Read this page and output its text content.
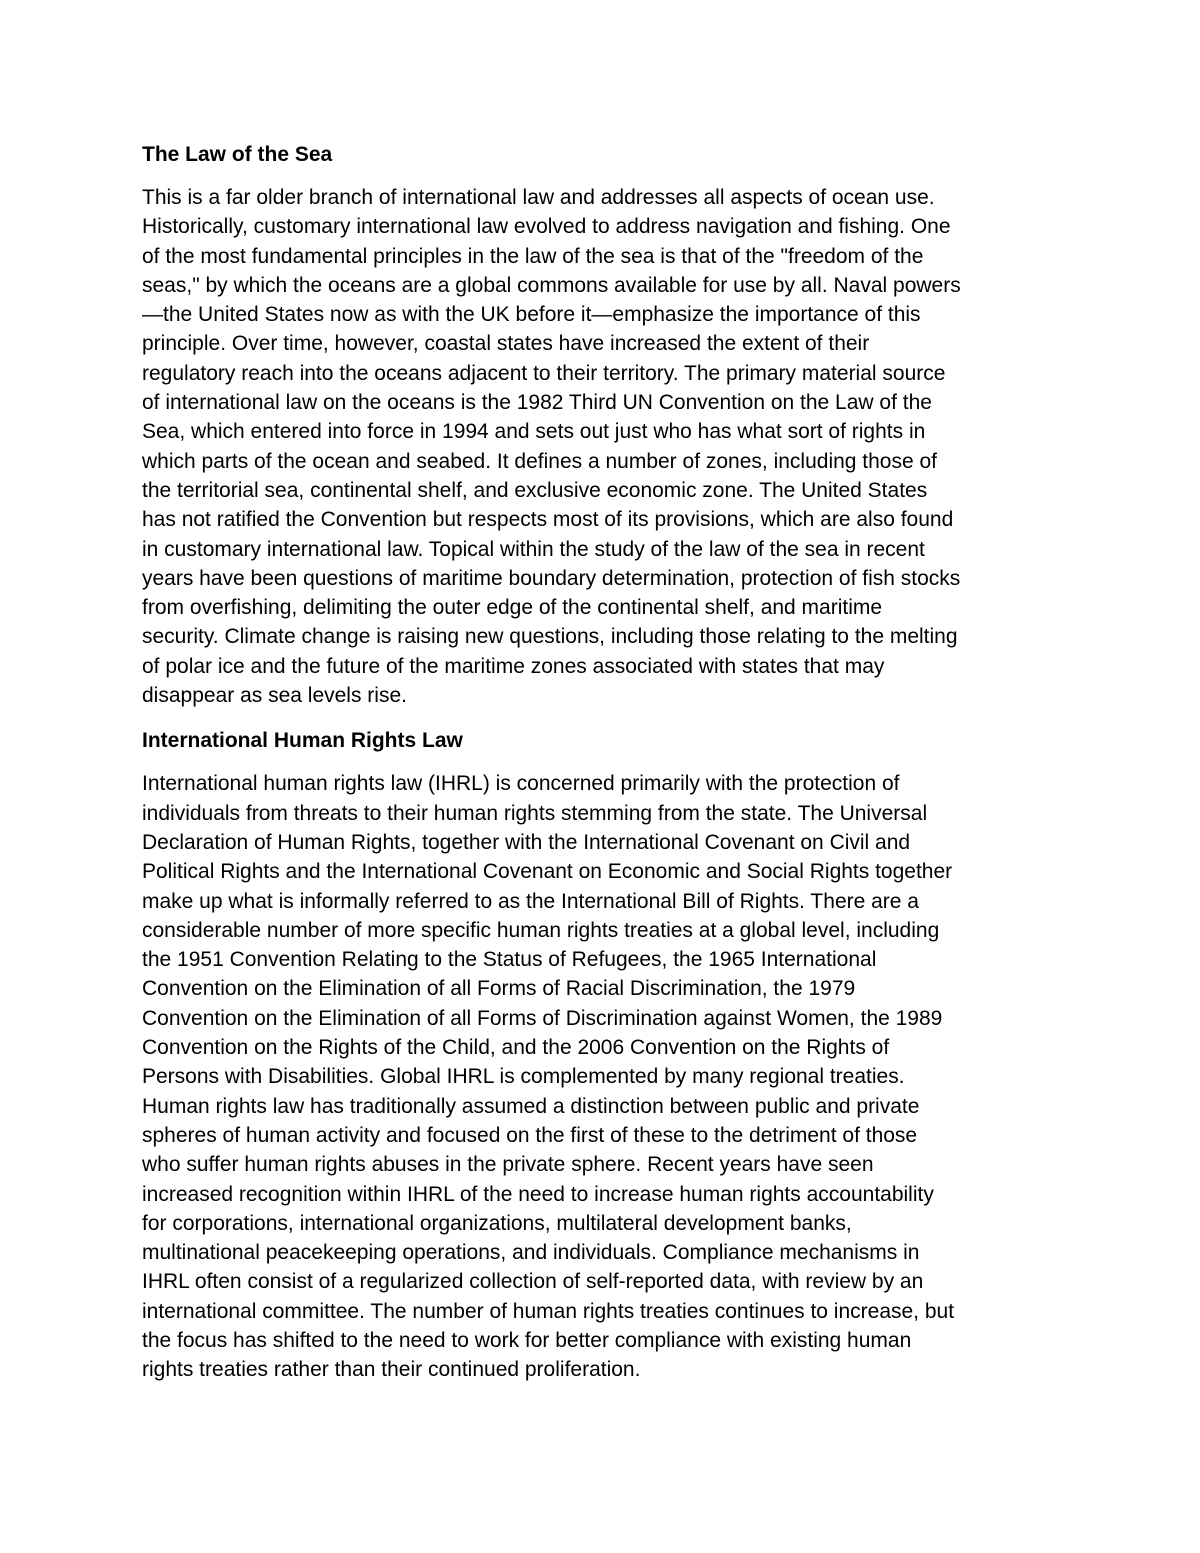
The Law of the Sea

This is a far older branch of international law and addresses all aspects of ocean use.
Historically, customary international law evolved to address navigation and fishing. One
of the most fundamental principles in the law of the sea is that of the "freedom of the
seas," by which the oceans are a global commons available for use by all. Naval powers
—the United States now as with the UK before it—emphasize the importance of this
principle. Over time, however, coastal states have increased the extent of their
regulatory reach into the oceans adjacent to their territory. The primary material source
of international law on the oceans is the 1982 Third UN Convention on the Law of the
Sea, which entered into force in 1994 and sets out just who has what sort of rights in
which parts of the ocean and seabed. It defines a number of zones, including those of
the territorial sea, continental shelf, and exclusive economic zone. The United States
has not ratified the Convention but respects most of its provisions, which are also found
in customary international law. Topical within the study of the law of the sea in recent
years have been questions of maritime boundary determination, protection of fish stocks
from overfishing, delimiting the outer edge of the continental shelf, and maritime
security. Climate change is raising new questions, including those relating to the melting
of polar ice and the future of the maritime zones associated with states that may
disappear as sea levels rise.

International Human Rights Law

International human rights law (IHRL) is concerned primarily with the protection of
individuals from threats to their human rights stemming from the state. The Universal
Declaration of Human Rights, together with the International Covenant on Civil and
Political Rights and the International Covenant on Economic and Social Rights together
make up what is informally referred to as the International Bill of Rights. There are a
considerable number of more specific human rights treaties at a global level, including
the 1951 Convention Relating to the Status of Refugees, the 1965 International
Convention on the Elimination of all Forms of Racial Discrimination, the 1979
Convention on the Elimination of all Forms of Discrimination against Women, the 1989
Convention on the Rights of the Child, and the 2006 Convention on the Rights of
Persons with Disabilities. Global IHRL is complemented by many regional treaties.
Human rights law has traditionally assumed a distinction between public and private
spheres of human activity and focused on the first of these to the detriment of those
who suffer human rights abuses in the private sphere. Recent years have seen
increased recognition within IHRL of the need to increase human rights accountability
for corporations, international organizations, multilateral development banks,
multinational peacekeeping operations, and individuals. Compliance mechanisms in
IHRL often consist of a regularized collection of self-reported data, with review by an
international committee. The number of human rights treaties continues to increase, but
the focus has shifted to the need to work for better compliance with existing human
rights treaties rather than their continued proliferation.
